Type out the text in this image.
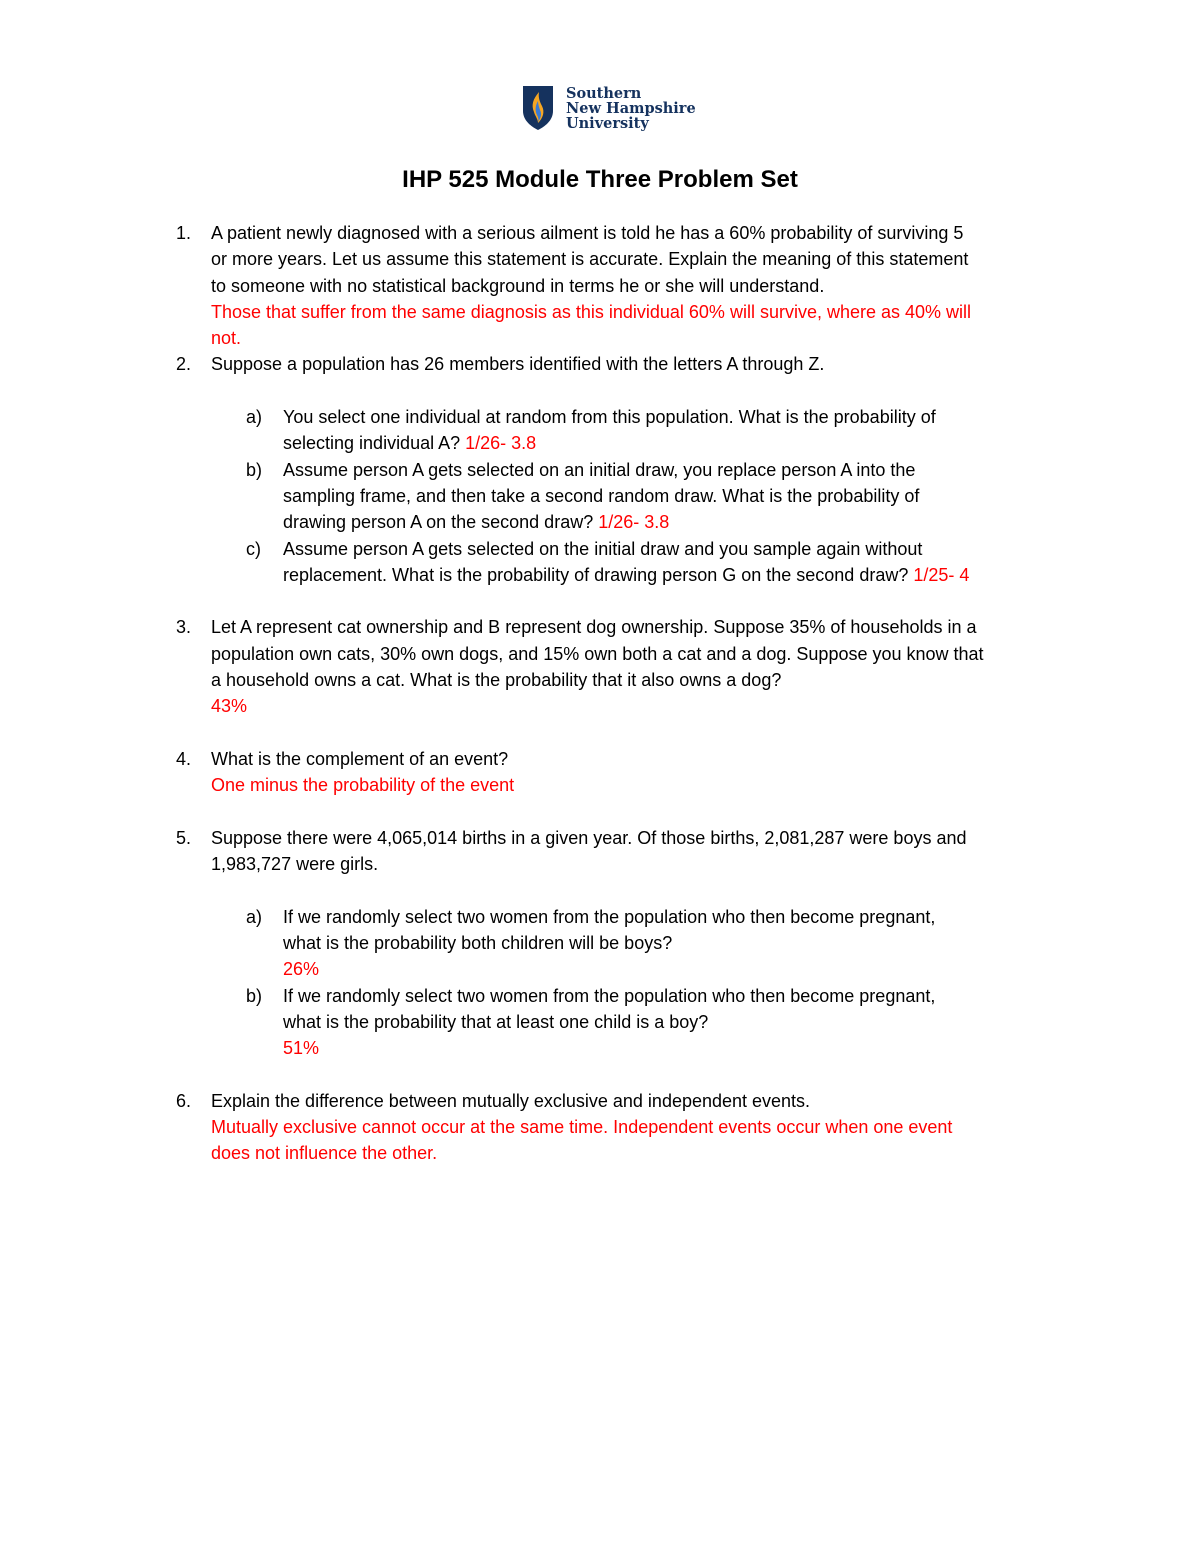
Southern
New Hampshire
University
IHP 525 Module Three Problem Set
1. A patient newly diagnosed with a serious ailment is told he has a 60% probability of surviving 5
or more years. Let us assume this statement is accurate. Explain the meaning of this statement
to someone with no statistical background in terms he or she will understand.
Those that suffer from the same diagnosis as this individual 60% will survive, where as 40% will
not.
2. Suppose a population has 26 members identified with the letters A through Z.
a) You select one individual at random from this population. What is the probability of
selecting individual A? 1/26- 3.8
b) Assume person A gets selected on an initial draw, you replace person A into the
sampling frame, and then take a second random draw. What is the probability of
drawing person A on the second draw? 1/26- 3.8
c) Assume person A gets selected on the initial draw and you sample again without
replacement. What is the probability of drawing person G on the second draw? 1/25- 4
3. Let A represent cat ownership and B represent dog ownership. Suppose 35% of households in a
population own cats, 30% own dogs, and 15% own both a cat and a dog. Suppose you know that
a household owns a cat. What is the probability that it also owns a dog?
43%
4. What is the complement of an event?
One minus the probability of the event
5. Suppose there were 4,065,014 births in a given year. Of those births, 2,081,287 were boys and
1,983,727 were girls.
a) If we randomly select two women from the population who then become pregnant,
what is the probability both children will be boys?
26%
b) If we randomly select two women from the population who then become pregnant,
what is the probability that at least one child is a boy?
51%
6. Explain the difference between mutually exclusive and independent events.
Mutually exclusive cannot occur at the same time. Independent events occur when one event
does not influence the other.
